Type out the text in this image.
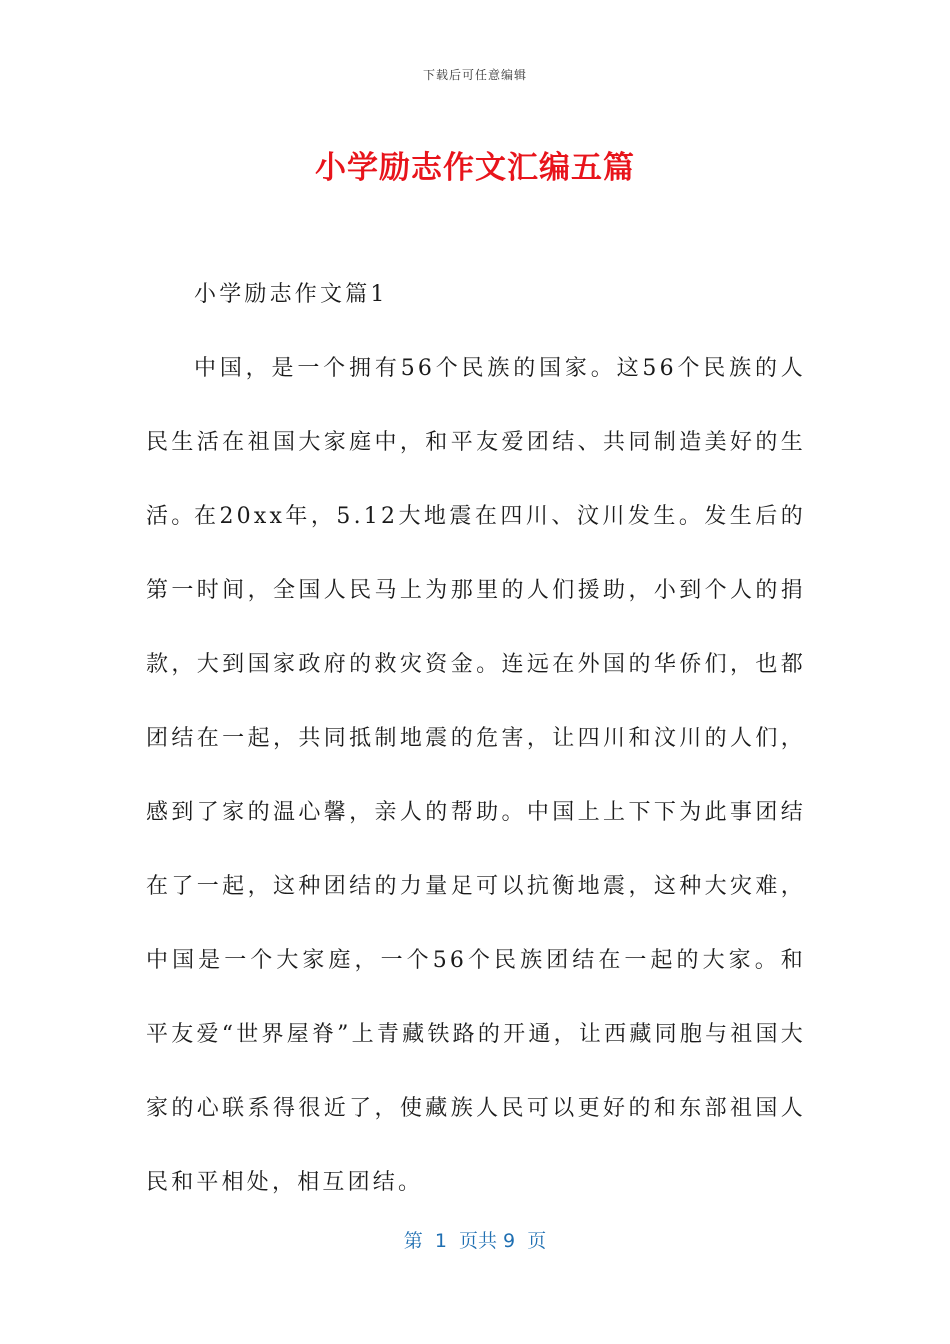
下载后可任意编辑
小学励志作文汇编五篇
小学励志作文篇1

中国，是一个拥有56个民族的国家。这56个民族的人民生活在祖国大家庭中，和平友爱团结、共同制造美好的生活。

在20xx年，5.12大地震在四川、汶川发生。发生后的第一时间，全国人民马上为那里的人们援助，小到个人的捐款，大到国家政府的救灾资金。连远在外国的华侨们，也都团结在一起，共同抵制地震的危害，让四川和汶川的人们，感到了家的温心馨，亲人的帮助。中国上上下下为此事团结在了一起，这种团结的力量足可以抗衡地震，这种大灾难，中国是一个大家庭，一个56个民族团结在一起的大家。和平友爱“世界屋脊”上青藏铁路的开通，让西藏同胞与祖国大家的心联系得很近了，使藏族人民可以更好的和东部祖国人民和平相处，相互团结。

第  1  页共 9  页
